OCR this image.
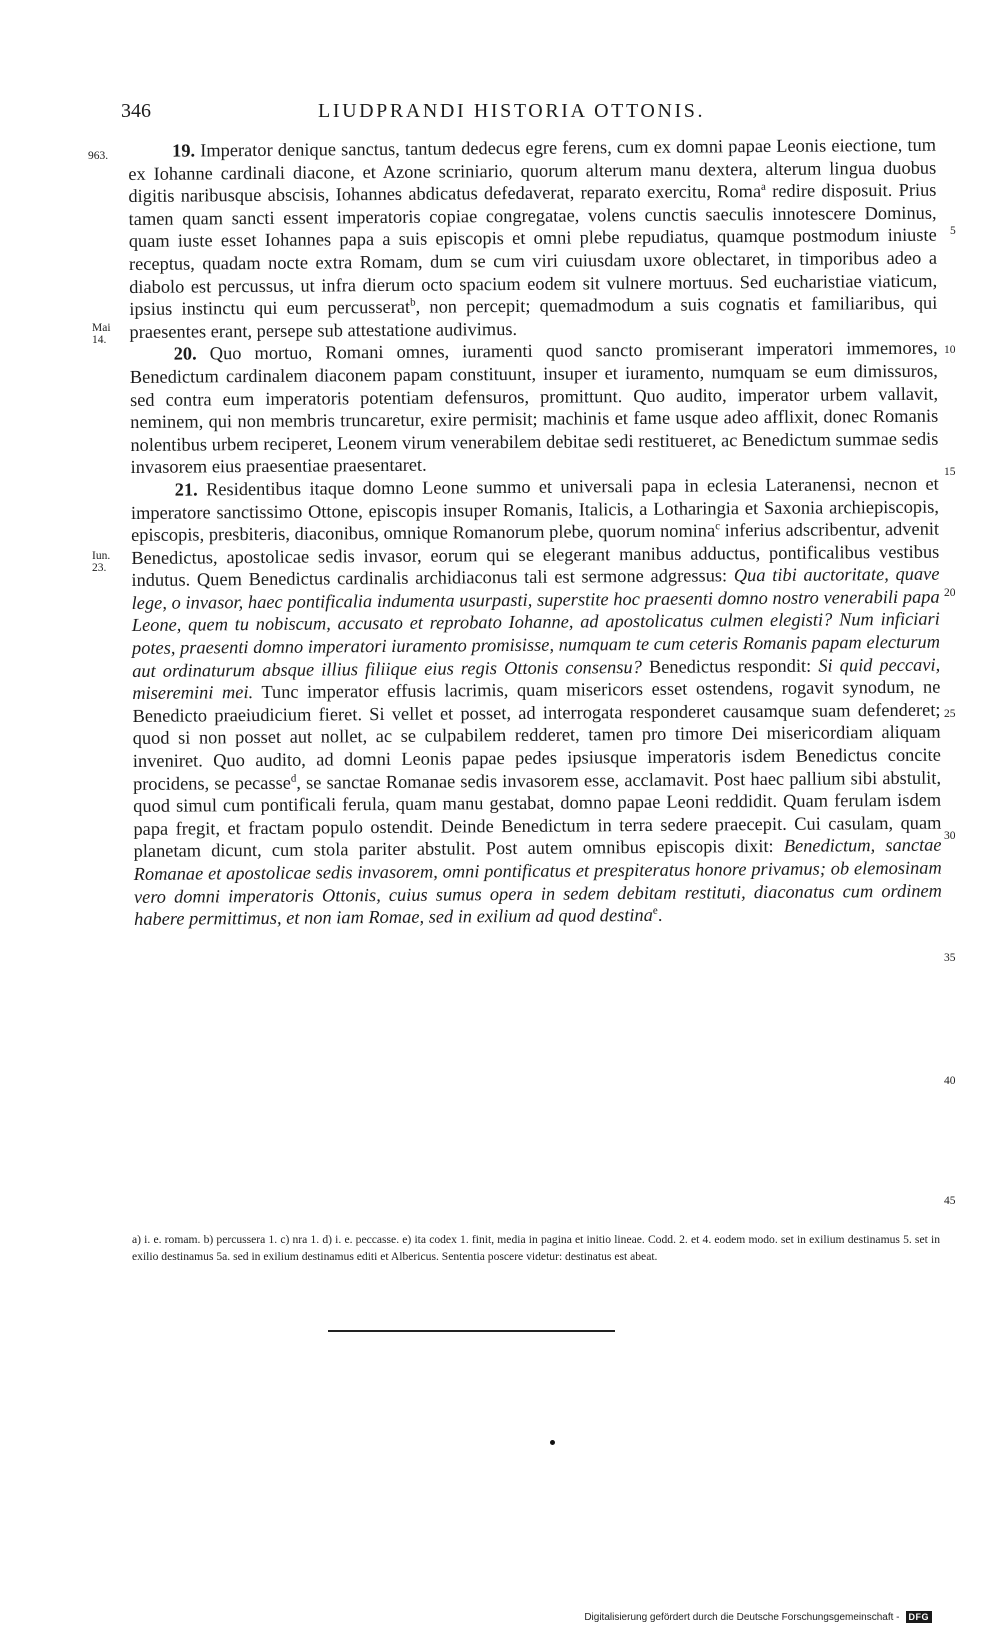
346	LIUDPRANDI HISTORIA OTTONIS.
963.
Mai
14.
Iun.
23.
5
10
15
20
25
30
35
40
45

19. Imperator denique sanctus, tantum dedecus egre ferens, cum ex domni papae Leonis eiectione, tum ex Iohanne cardinali diacone, et Azone scriniario, quorum alterum manu dextera, alterum lingua duobus digitis naribusque abscisis, Iohannes abdicatus defedaverat, reparato exercitu, Roma$^a$ redire disposuit. Prius tamen quam sancti essent imperatoris copiae congregatae, volens cunctis saeculis innotescere Dominus, quam iuste esset Iohannes papa a suis episcopis et omni plebe repudiatus, quamque postmodum iniuste receptus, quadam nocte extra Romam, dum se cum viri cuiusdam uxore oblectaret, in timporibus adeo a diabolo est percussus, ut infra dierum octo spacium eodem sit vulnere mortuus. Sed eucharistiae viaticum, ipsius instinctu qui eum percusserat$^b$, non percepit; quemadmodum a suis cognatis et familiaribus, qui praesentes erant, persepe sub attestatione audivimus.

20. Quo mortuo, Romani omnes, iuramenti quod sancto promiserant imperatori immemores, Benedictum cardinalem diaconem papam constituunt, insuper et iuramento, numquam se eum dimissuros, sed contra eum imperatoris potentiam defensuros, promittunt. Quo audito, imperator urbem vallavit, neminem, qui non membris truncaretur, exire permisit; machinis et fame usque adeo afflixit, donec Romanis nolentibus urbem reciperet, Leonem virum venerabilem debitae sedi restitueret, ac Benedictum summae sedis invasorem eius praesentiae praesentaret.

21. Residentibus itaque domno Leone summo et universali papa in eclesia Lateranensi, necnon et imperatore sanctissimo Ottone, episcopis insuper Romanis, Italicis, a Lotharingia et Saxonia archiepiscopis, episcopis, presbiteris, diaconibus, omnique Romanorum plebe, quorum nomina$^c$ inferius adscribentur, advenit Benedictus, apostolicae sedis invasor, eorum qui se elegerant manibus adductus, pontificalibus vestibus indutus. Quem Benedictus cardinalis archidiaconus tali est sermone adgressus: Qua tibi auctoritate, quave lege, o invasor, haec pontificalia indumenta usurpasti, superstite hoc praesenti domno nostro venerabili papa Leone, quem tu nobiscum, accusato et reprobato Iohanne, ad apostolicatus culmen elegisti? Num inficiari potes, praesenti domno imperatori iuramento promisisse, numquam te cum ceteris Romanis papam electurum aut ordinaturum absque illius filiique eius regis Ottonis consensu? Benedictus respondit: Si quid peccavi, miseremini mei. Tunc imperator effusis lacrimis, quam misericors esset ostendens, rogavit synodum, ne Benedicto praeiudicium fieret. Si vellet et posset, ad interrogata responderet causamque suam defenderet; quod si non posset aut nollet, ac se culpabilem redderet, tamen pro timore Dei misericordiam aliquam inveniret. Quo audito, ad domni Leonis papae pedes ipsiusque imperatoris isdem Benedictus concite procidens, se pecasse$^d$, se sanctae Romanae sedis invasorem esse, acclamavit. Post haec pallium sibi abstulit, quod simul cum pontificali ferula, quam manu gestabat, domno papae Leoni reddidit. Quam ferulam isdem papa fregit, et fractam populo ostendit. Deinde Benedictum in terra sedere praecepit. Cui casulam, quam planetam dicunt, cum stola pariter abstulit. Post autem omnibus episcopis dixit: Benedictum, sanctae Romanae et apostolicae sedis invasorem, omni pontificatus et prespiteratus honore privamus; ob elemosinam vero domni imperatoris Ottonis, cuius sumus opera in sedem debitam restituti, diaconatus cum ordinem habere permittimus, et non iam Romae, sed in exilium ad quod destina$^e$.

a) i. e. romam. b) percussera 1. c) nra 1. d) i. e. peccasse. e) ita codex 1. finit, media in pagina et initio lineae. Codd. 2. et 4. eodem modo. set in exilium destinamus 5. set in exilio destinamus 5a. sed in exilium destinamus editi et Albericus. Sententia poscere videtur: destinatus est abeat.

Digitalisierung gefördert durch die Deutsche Forschungsgemeinschaft -	DFG
